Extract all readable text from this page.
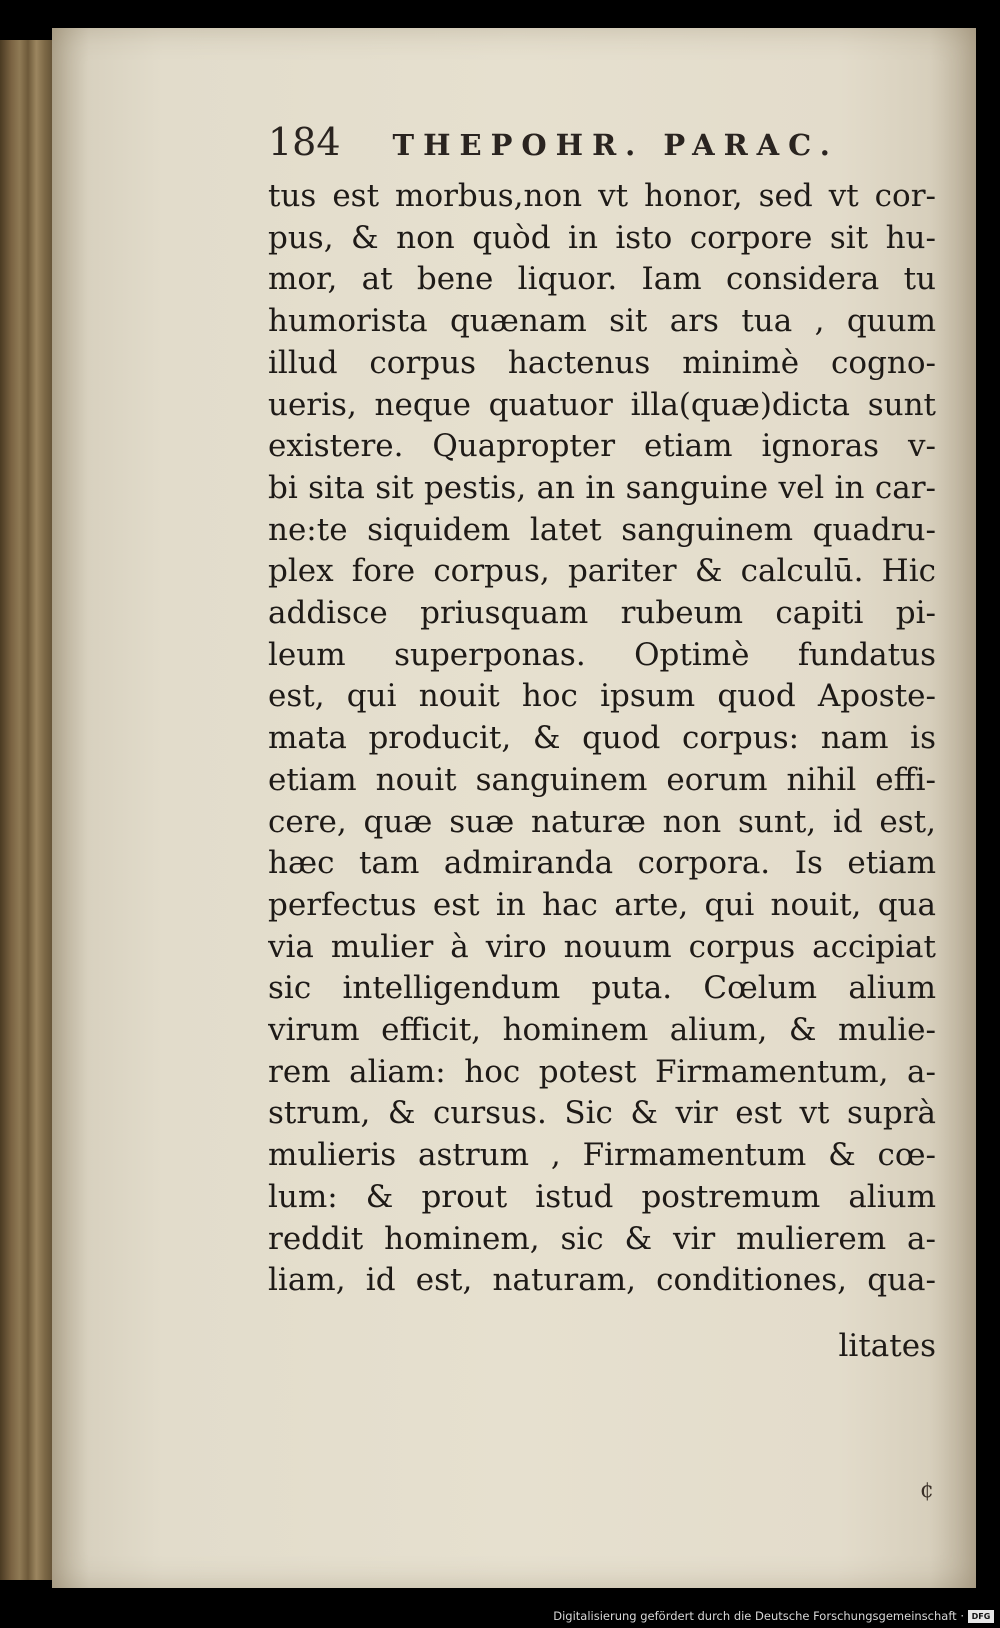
184 THEPOHR. PARAC.
tus est morbus,non vt honor, sed vt cor-
pus, & non quòd in isto corpore sit hu-
mor, at bene liquor. Iam considera tu
humorista quænam sit ars tua , quum
illud corpus hactenus minimè cogno-
ueris, neque quatuor illa(quæ)dicta sunt
existere. Quapropter etiam ignoras v-
bi sita sit pestis, an in sanguine vel in car-
ne:te siquidem latet sanguinem quadru-
plex fore corpus, pariter & calculū. Hic
addisce priusquam rubeum capiti pi-
leum superponas. Optimè fundatus
est, qui nouit hoc ipsum quod Aposte-
mata producit, & quod corpus: nam is
etiam nouit sanguinem eorum nihil effi-
cere, quæ suæ naturæ non sunt, id est,
hæc tam admiranda corpora. Is etiam
perfectus est in hac arte, qui nouit, qua
via mulier à viro nouum corpus accipiat
sic intelligendum puta. Cœlum alium
virum efficit, hominem alium, & mulie-
rem aliam: hoc potest Firmamentum, a-
strum, & cursus. Sic & vir est vt suprà
mulieris astrum , Firmamentum & cœ-
lum: & prout istud postremum alium
reddit hominem, sic & vir mulierem a-
liam, id est, naturam, conditiones, qua-
litates
¢
Digitalisierung gefördert durch die Deutsche Forschungsgemeinschaft · DFG
